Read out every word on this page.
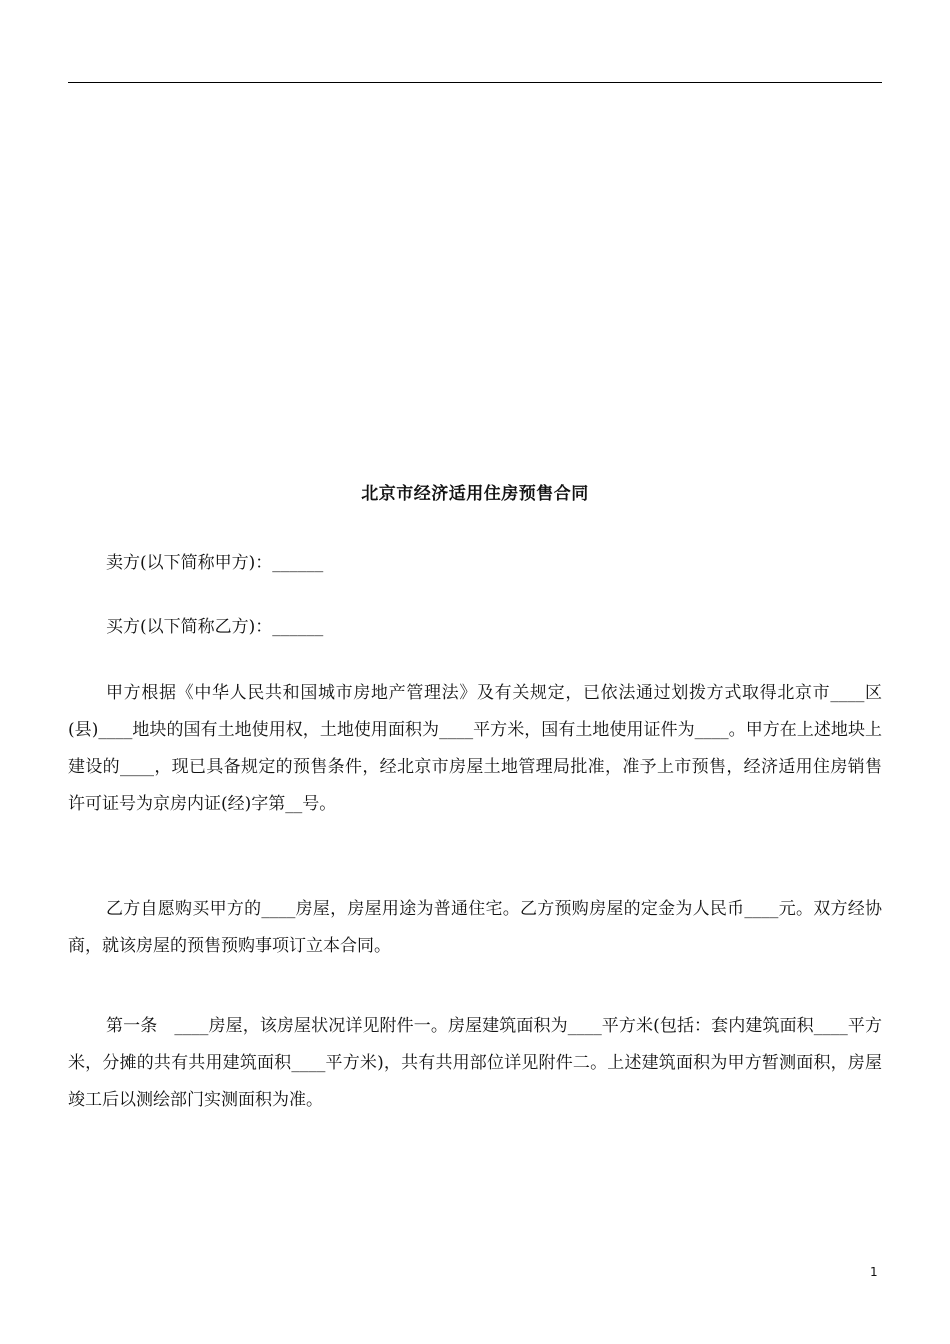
北京市经济适用住房预售合同

卖方(以下简称甲方)：______

买方(以下简称乙方)：______

甲方根据《中华人民共和国城市房地产管理法》及有关规定，已依法通过划拨方式取得北京市____区(县)____地块的国有土地使用权，土地使用面积为____平方米，国有土地使用证件为____。甲方在上述地块上建设的____，现已具备规定的预售条件，经北京市房屋土地管理局批准，准予上市预售，经济适用住房销售许可证号为京房内证(经)字第__号。

乙方自愿购买甲方的____房屋，房屋用途为普通住宅。乙方预购房屋的定金为人民币____元。双方经协商，就该房屋的预售预购事项订立本合同。

第一条　____房屋，该房屋状况详见附件一。房屋建筑面积为____平方米(包括：套内建筑面积____平方米，分摊的共有共用建筑面积____平方米)，共有共用部位详见附件二。上述建筑面积为甲方暂测面积，房屋竣工后以测绘部门实测面积为准。

1
